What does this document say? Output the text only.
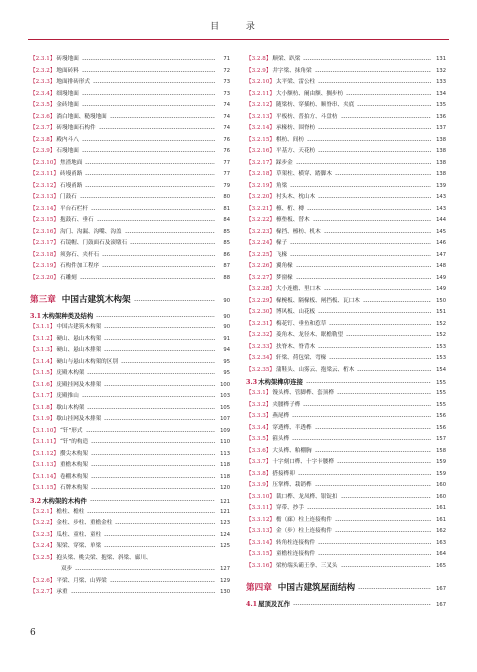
目 录
【2.3.1】 砖墁地面	71
【2.3.2】 地面砖料	72
【2.3.3】 地面排砖形式	73
【2.3.4】 细墁地面	73
【2.3.5】 金砖地面	74
【2.3.6】 淌白地面、糙墁地面	74
【2.3.7】 砖墁地面石构件	74
【2.3.8】 殿内斗八	76
【2.3.9】 石墁地面	76
【2.3.10】 焦渣地面	77
【2.3.11】 砖墁甬路	77
【2.3.12】 石墁甬路	79
【2.3.13】 门鼓石	80
【2.3.14】 平台石栏杆	81
【2.3.15】 抱鼓石、垂石	84
【2.3.16】 沟门、沟漏、沟嘴、沟盖	85
【2.3.17】 石镜帽、门鼓面石及滚墩石	85
【2.3.18】 须弥石、夹杆石	86
【2.3.19】 石构件加工程序	87
【2.3.20】 石雕刻	88
第三章 中国古建筑木构架	90
3.1 木构架种类及结构	90
【3.1.1】 中国古建筑木构架	90
【3.1.2】 硬山、悬山木构架	91
【3.1.3】 硬山、悬山木排架	94
【3.1.4】 硬山与悬山木构架的区别	95
【3.1.5】 庑殿木构架	95
【3.1.6】 庑殿挂网及木排架	100
【3.1.7】 庑殿推山	103
【3.1.8】 歇山木构架	105
【3.1.9】 歇山挂网及木排架	107
【3.1.10】 “钎”形式	109
【3.1.11】 “钎”的构造	110
【3.1.12】 攒尖木构架	113
【3.1.13】 重檐木构架	118
【3.1.14】 卷棚木构架	118
【3.1.15】 石牌木构架	120
3.2 木构架的木构件	121
【3.2.1】 檐柱、檐柱	121
【3.2.2】 金柱、步柱、重檐金柱	123
【3.2.3】 瓜柱、童柱、童柱	124
【3.2.4】 架梁、穿梁、单梁	125
【3.2.5】 抱头梁、桃尖梁、抱梁、斜梁、廊川、
双步	127
【3.2.6】 平梁、月梁、山界梁	129
【3.2.7】 承重	130
【3.2.8】 顺梁、趴梁	131
【3.2.9】 井字梁、抹角梁	132
【3.2.10】 太平梁、雷公柱	133
【3.2.11】 大小额枋、阑由额、搁步枋	134
【3.2.12】 随梁枋、穿插枋、顺脊串、夹底	135
【3.2.13】 平板枋、普拍方、斗盘枋	136
【3.2.14】 承椽枋、围脊枋	137
【3.2.15】 棋枋、间枋	138
【3.2.16】 平基方、天花枋	138
【3.2.17】 踩步金	138
【3.2.18】 草架柱、横穿、踏脚木	138
【3.2.19】 角梁	139
【3.2.20】 衬头木、枕山木	143
【3.2.21】 檩、桁、槫	143
【3.2.22】 檩垫板、替木	144
【3.2.23】 椽挡、檩枋、机木	145
【3.2.24】 椽子	146
【3.2.25】 飞椽	147
【3.2.26】 翼角椽	148
【3.2.27】 梦窗椽	149
【3.2.28】 大小连檐、里口木	149
【3.2.29】 椽椀板、隔椽板、闸挡板、瓦口木	150
【3.2.30】 博风板、山花板	151
【3.2.31】 梅花钉、垂鱼和惹草	152
【3.2.32】 菱角木、龙径木、眠檐勒望	152
【3.2.33】 扶脊木、脊背木	153
【3.2.34】 轩梁、荷包梁、弯椽	153
【3.2.35】 蒲鞋头、山雾云、抱梁云、桁木	154
3.3 木构架榫卯连接	155
【3.3.1】 馒头榫、管脚榫、套顶榫	155
【3.3.2】 夹腰榫子榫	155
【3.3.3】 燕尾榫	156
【3.3.4】 穿透榫、半透榫	156
【3.3.5】 箍头榫	157
【3.3.6】 大头榫、粕棚胸	158
【3.3.7】 十字刻口榫、十字卡腰榫	159
【3.3.8】 搭接榫卯	159
【3.3.9】 压掌榫、栽销榫	160
【3.3.10】 裁口榫、龙凤榫、银锭扣	160
【3.3.11】 穿带、抄手	161
【3.3.12】 檐（廊）柱上连接构件	161
【3.3.13】 金（步）柱上连接构件	162
【3.3.14】 转角柱连接构件	163
【3.3.15】 童檐柱连接构件	164
【3.3.16】 梁枋端头霸王拳、三叉头	165
第四章 中国古建筑屋面结构	167
4.1 屋顶及瓦作	167
6
